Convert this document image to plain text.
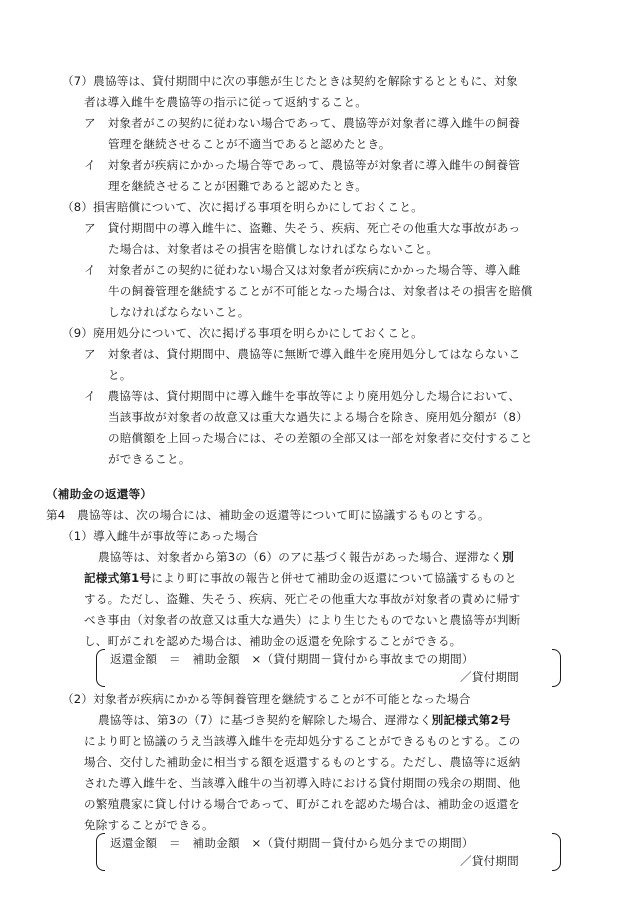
（7）農協等は、貸付期間中に次の事態が生じたときは契約を解除するとともに、対象
者は導入雌牛を農協等の指示に従って返納すること。
ア　対象者がこの契約に従わない場合であって、農協等が対象者に導入雌牛の飼養
管理を継続させることが不適当であると認めたとき。
イ　対象者が疾病にかかった場合等であって、農協等が対象者に導入雌牛の飼養管
理を継続させることが困難であると認めたとき。
（8）損害賠償について、次に掲げる事項を明らかにしておくこと。
ア　貸付期間中の導入雌牛に、盗難、失そう、疾病、死亡その他重大な事故があっ
た場合は、対象者はその損害を賠償しなければならないこと。
イ　対象者がこの契約に従わない場合又は対象者が疾病にかかった場合等、導入雌
牛の飼養管理を継続することが不可能となった場合は、対象者はその損害を賠償
しなければならないこと。
（9）廃用処分について、次に掲げる事項を明らかにしておくこと。
ア　対象者は、貸付期間中、農協等に無断で導入雌牛を廃用処分してはならないこ
と。
イ　農協等は、貸付期間中に導入雌牛を事故等により廃用処分した場合において、
当該事故が対象者の故意又は重大な過失による場合を除き、廃用処分額が（8）
の賠償額を上回った場合には、その差額の全部又は一部を対象者に交付すること
ができること。
（補助金の返還等）
第4　農協等は、次の場合には、補助金の返還等について町に協議するものとする。
（1）導入雌牛が事故等にあった場合
農協等は、対象者から第3の（6）のアに基づく報告があった場合、遅滞なく別
記様式第1号により町に事故の報告と併せて補助金の返還について協議するものと
する。ただし、盗難、失そう、疾病、死亡その他重大な事故が対象者の責めに帰す
べき事由（対象者の故意又は重大な過失）により生じたものでないと農協等が判断
し、町がこれを認めた場合は、補助金の返還を免除することができる。
返還金額　＝　補助金額　×（貸付期間－貸付から事故までの期間）
／貸付期間
（2）対象者が疾病にかかる等飼養管理を継続することが不可能となった場合
農協等は、第3の（7）に基づき契約を解除した場合、遅滞なく別記様式第2号
により町と協議のうえ当該導入雌牛を売却処分することができるものとする。この
場合、交付した補助金に相当する額を返還するものとする。ただし、農協等に返納
された導入雌牛を、当該導入雌牛の当初導入時における貸付期間の残余の期間、他
の繁殖農家に貸し付ける場合であって、町がこれを認めた場合は、補助金の返還を
免除することができる。
返還金額　＝　補助金額　×（貸付期間－貸付から処分までの期間）
／貸付期間
